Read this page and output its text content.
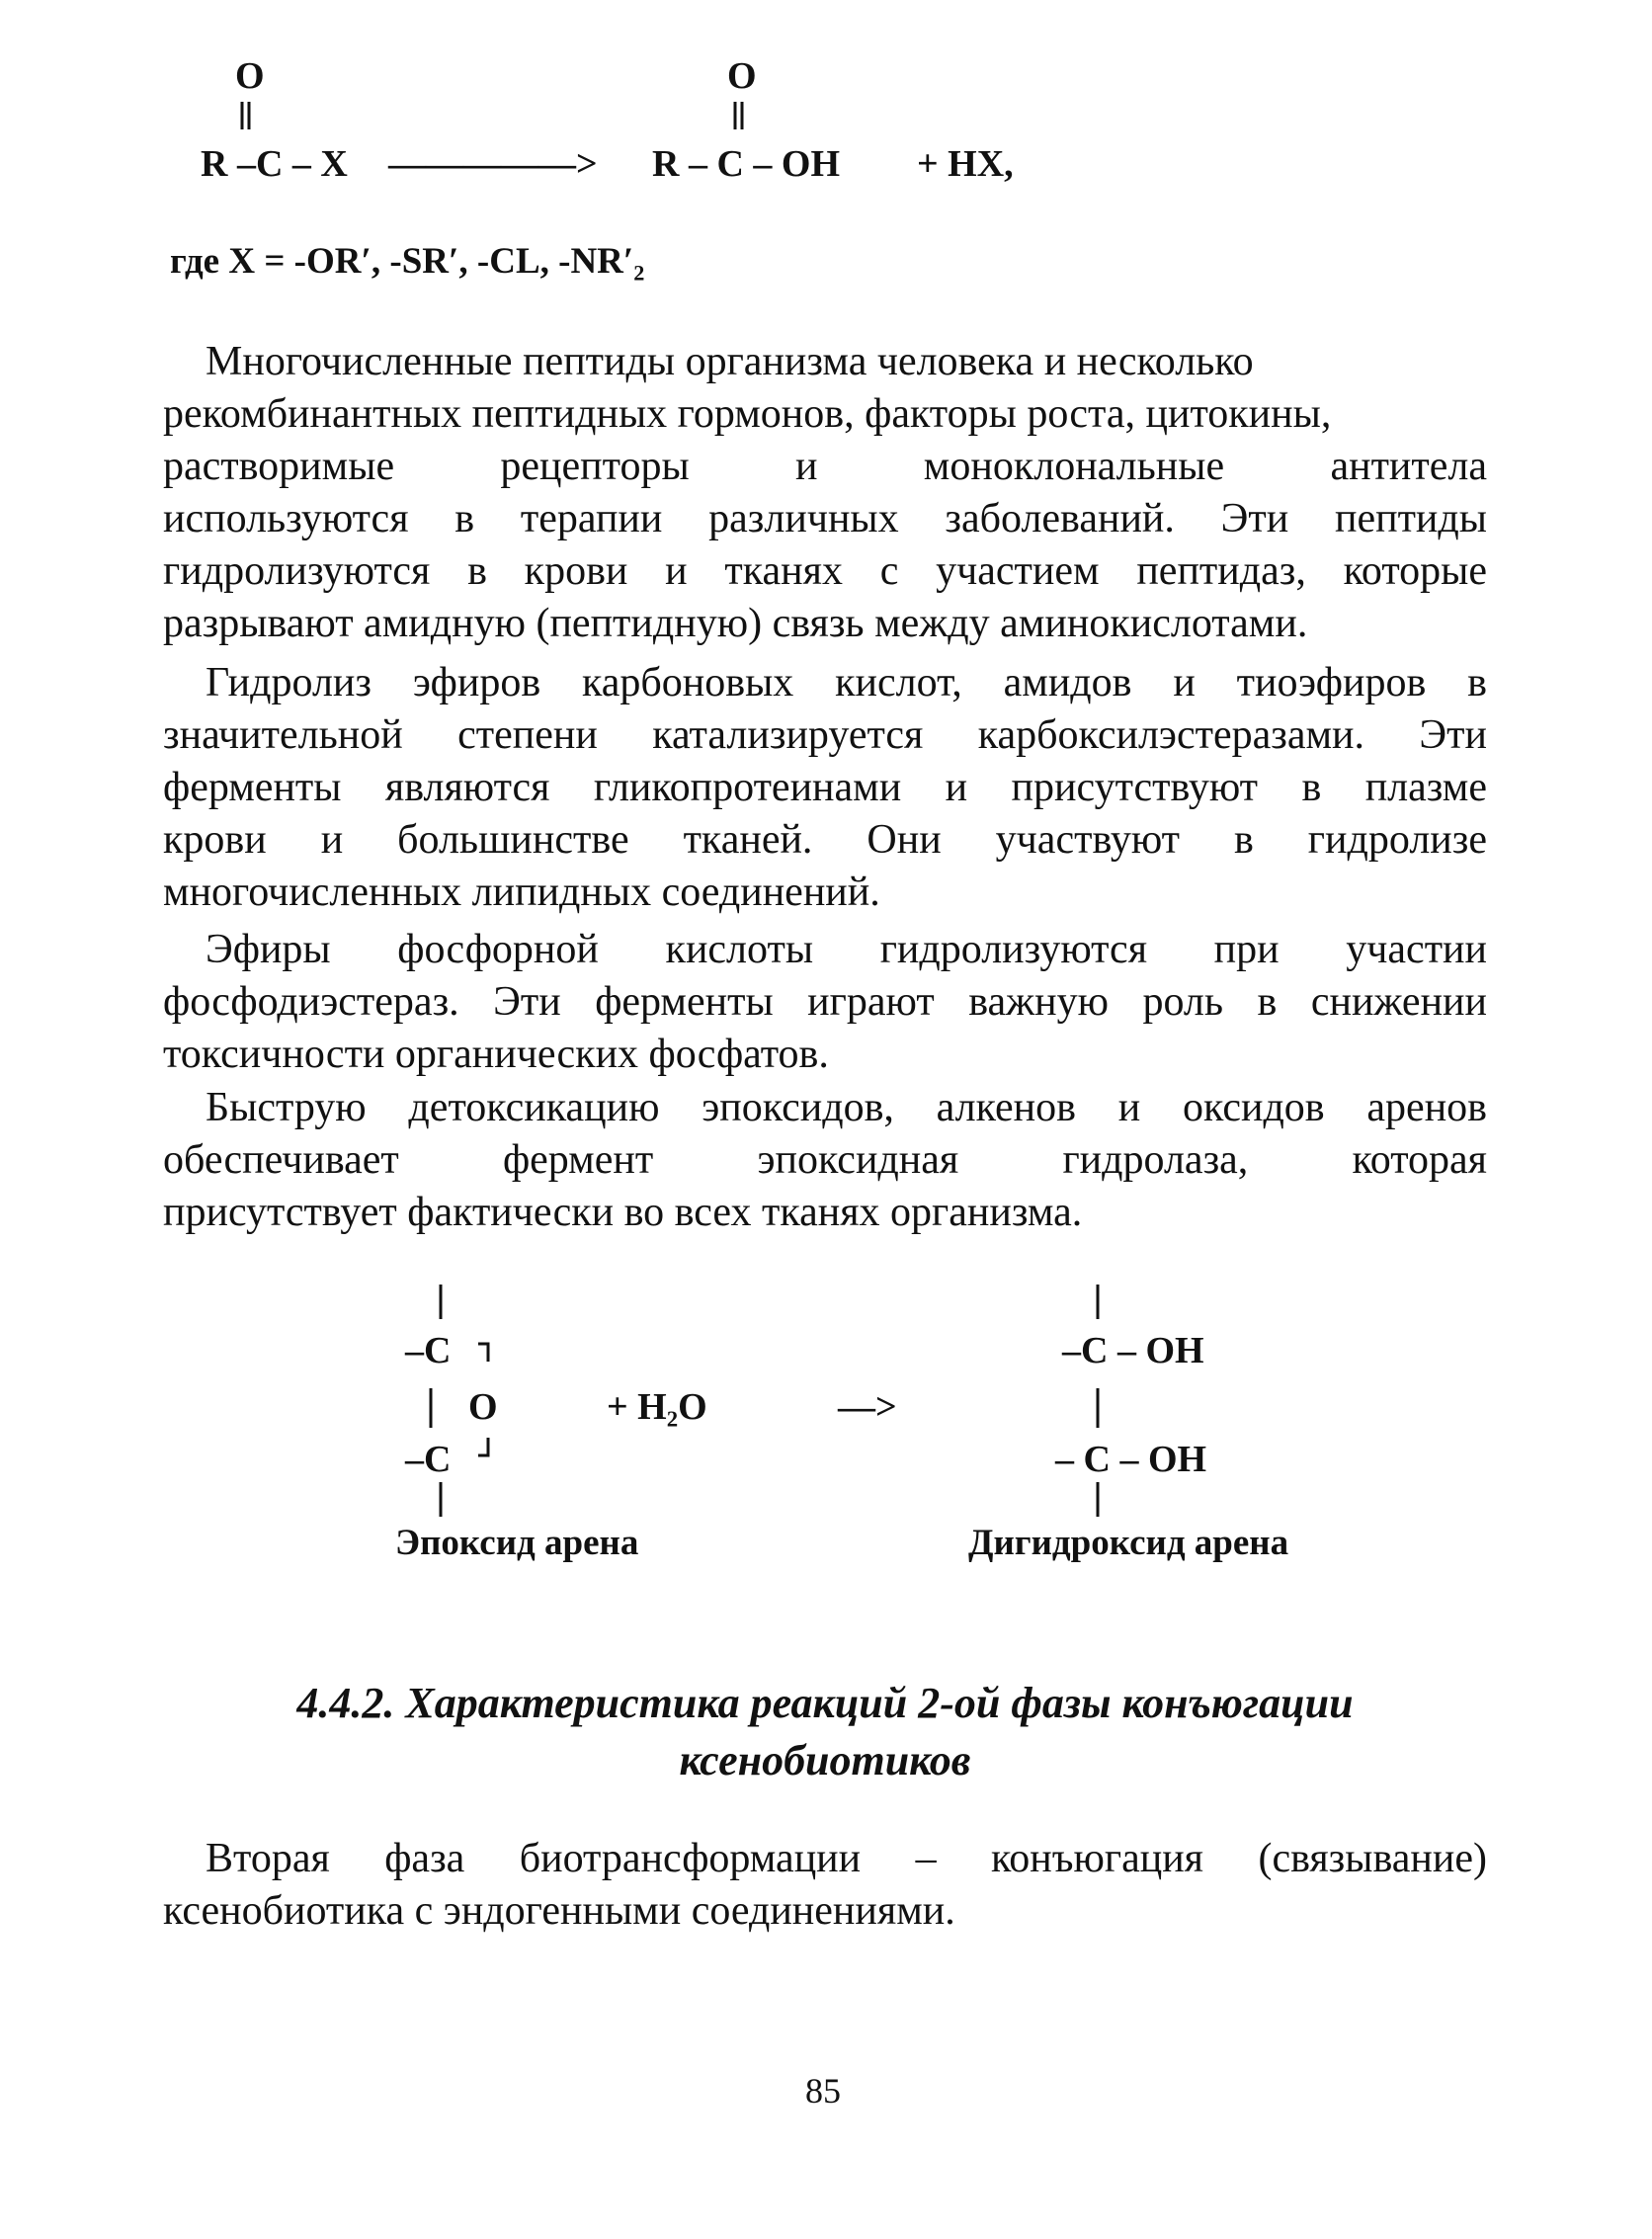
O	O
R –C – X —————> R – C – OH + HX,
где X = -OR′, -SR′, -CL, -NR′₂
Многочисленные пептиды организма человека и несколько
рекомбинантных пептидных гормонов, факторы роста, цитокины,
растворимые рецепторы и моноклональные антитела
используются в терапии различных заболеваний. Эти пептиды
гидролизуются в крови и тканях с участием пептидаз, которые
разрывают амидную (пептидную) связь между аминокислотами.
Гидролиз эфиров карбоновых кислот, амидов и тиоэфиров в
значительной степени катализируется карбоксилэстеразами. Эти
ферменты являются гликопротеинами и присутствуют в плазме
крови и большинстве тканей. Они участвуют в гидролизе
многочисленных липидных соединений.
Эфиры фосфорной кислоты гидролизуются при участии
фосфодиэстераз. Эти ферменты играют важную роль в снижении
токсичности органических фосфатов.
Быструю детоксикацию эпоксидов, алкенов и оксидов аренов
обеспечивает фермент эпоксидная гидролаза, которая
присутствует фактически во всех тканях организма.
–C
O
–C
+ H₂O	—>
–C – OH
– C – OH
Эпоксид арена	Дигидроксид арена
4.4.2. Характеристика реакций 2-ой фазы конъюгации
ксенобиотиков
Вторая фаза биотрансформации – конъюгация (связывание)
ксенобиотика с эндогенными соединениями.
85
